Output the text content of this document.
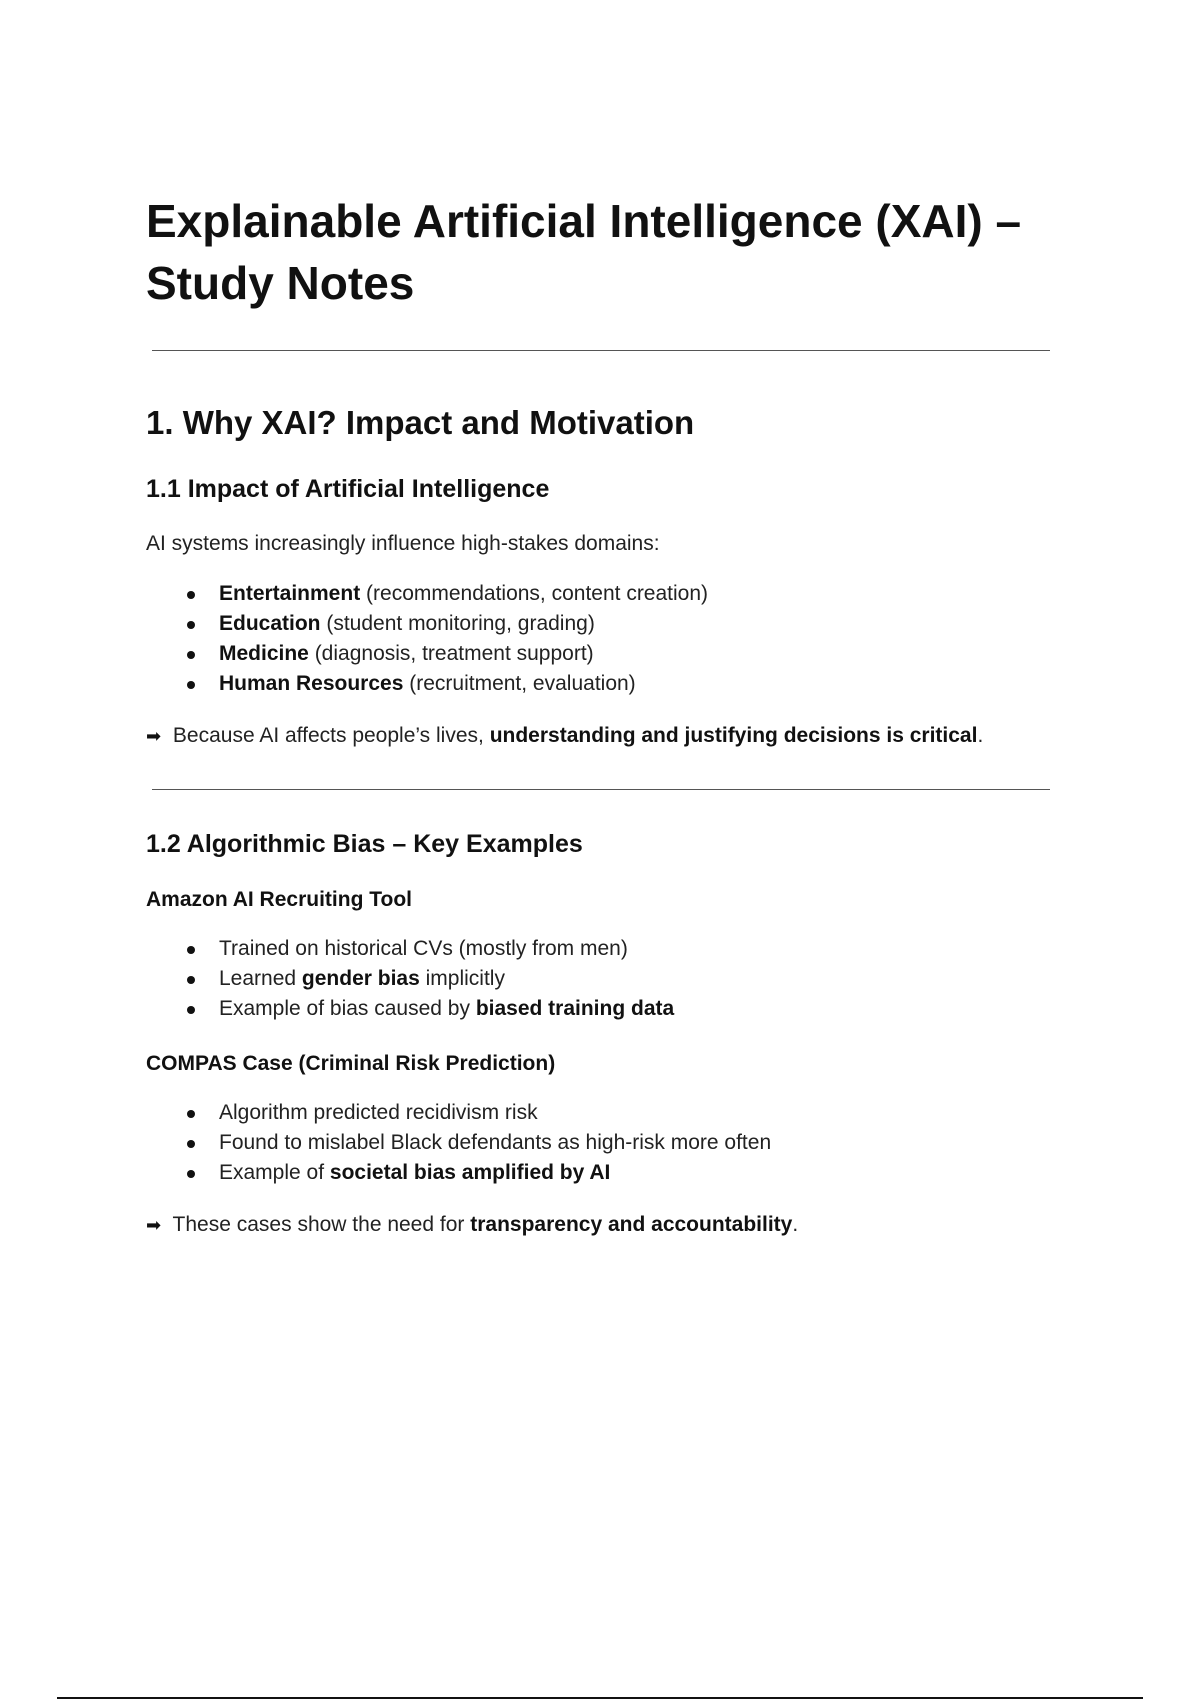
Explainable Artificial Intelligence (XAI) –
Study Notes
1. Why XAI? Impact and Motivation
1.1 Impact of Artificial Intelligence

AI systems increasingly influence high-stakes domains:

Entertainment (recommendations, content creation)
Education (student monitoring, grading)
Medicine (diagnosis, treatment support)
Human Resources (recruitment, evaluation)

➡ Because AI affects people’s lives, understanding and justifying decisions is critical.

1.2 Algorithmic Bias – Key Examples
Amazon AI Recruiting Tool
Trained on historical CVs (mostly from men)
Learned gender bias implicitly
Example of bias caused by biased training data
COMPAS Case (Criminal Risk Prediction)
Algorithm predicted recidivism risk
Found to mislabel Black defendants as high-risk more often
Example of societal bias amplified by AI

➡ These cases show the need for transparency and accountability.
